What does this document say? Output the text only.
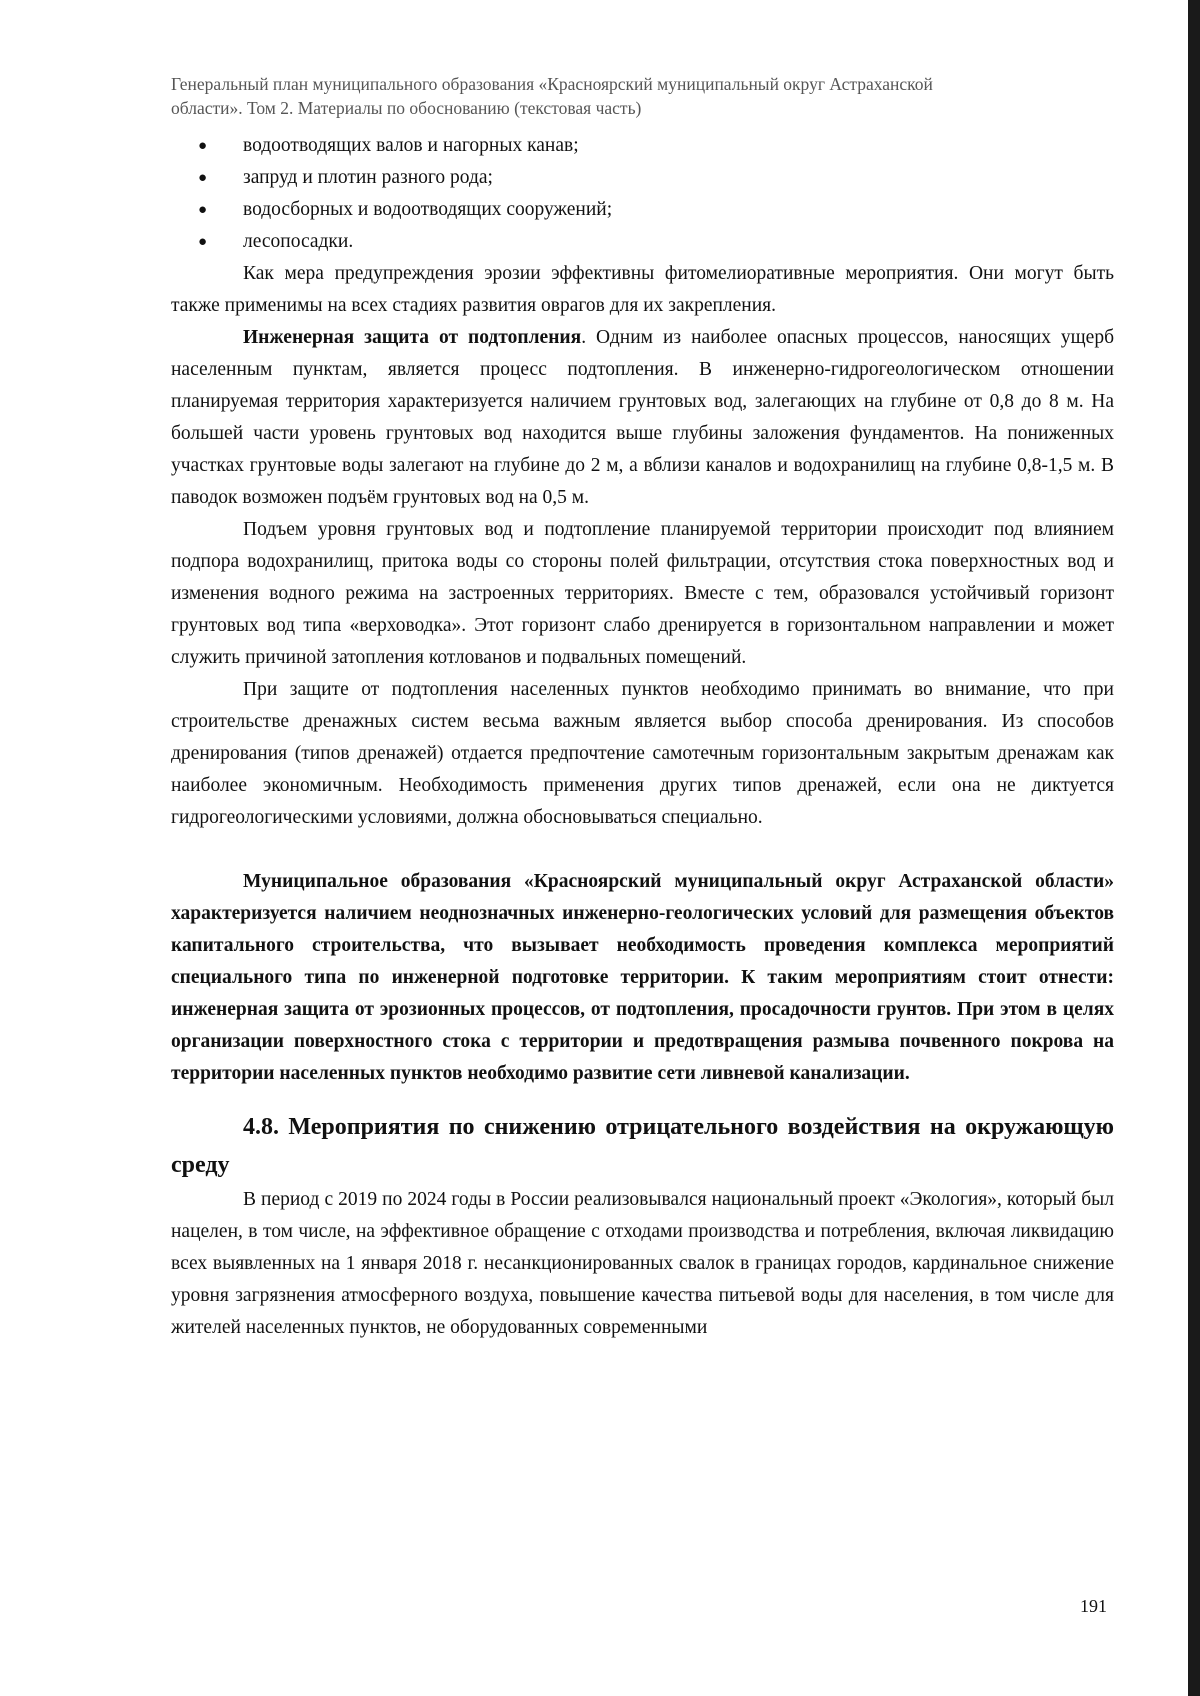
Генеральный план муниципального образования «Красноярский муниципальный округ Астраханской
области». Том 2. Материалы по обоснованию (текстовая часть)
● водоотводящих валов и нагорных канав;
● запруд и плотин разного рода;
● водосборных и водоотводящих сооружений;
● лесопосадки.

Как мера предупреждения эрозии эффективны фитомелиоративные мероприятия. Они могут быть также применимы на всех стадиях развития оврагов для их закрепления.

Инженерная защита от подтопления. Одним из наиболее опасных процессов, наносящих ущерб населенным пунктам, является процесс подтопления. В инженерно-гидрогеологическом отношении планируемая территория характеризуется наличием грунтовых вод, залегающих на глубине от 0,8 до 8 м. На большей части уровень грунтовых вод находится выше глубины заложения фундаментов. На пониженных участках грунтовые воды залегают на глубине до 2 м, а вблизи каналов и водохранилищ на глубине 0,8-1,5 м. В паводок возможен подъём грунтовых вод на 0,5 м.

Подъем уровня грунтовых вод и подтопление планируемой территории происходит под влиянием подпора водохранилищ, притока воды со стороны полей фильтрации, отсутствия стока поверхностных вод и изменения водного режима на застроенных территориях. Вместе с тем, образовался устойчивый горизонт грунтовых вод типа «верховодка». Этот горизонт слабо дренируется в горизонтальном направлении и может служить причиной затопления котлованов и подвальных помещений.

При защите от подтопления населенных пунктов необходимо принимать во внимание, что при строительстве дренажных систем весьма важным является выбор способа дренирования. Из способов дренирования (типов дренажей) отдается предпочтение самотечным горизонтальным закрытым дренажам как наиболее экономичным. Необходимость применения других типов дренажей, если она не диктуется гидрогеологическими условиями, должна обосновываться специально.

Муниципальное образования «Красноярский муниципальный округ Астраханской области» характеризуется наличием неоднозначных инженерно-геологических условий для размещения объектов капитального строительства, что вызывает необходимость проведения комплекса мероприятий специального типа по инженерной подготовке территории. К таким мероприятиям стоит отнести: инженерная защита от эрозионных процессов, от подтопления, просадочности грунтов. При этом в целях организации поверхностного стока с территории и предотвращения размыва почвенного покрова на территории населенных пунктов необходимо развитие сети ливневой канализации.

4.8. Мероприятия по снижению отрицательного воздействия на окружающую среду

В период с 2019 по 2024 годы в России реализовывался национальный проект «Экология», который был нацелен, в том числе, на эффективное обращение с отходами производства и потребления, включая ликвидацию всех выявленных на 1 января 2018 г. несанкционированных свалок в границах городов, кардинальное снижение уровня загрязнения атмосферного воздуха, повышение качества питьевой воды для населения, в том числе для жителей населенных пунктов, не оборудованных современными

191
